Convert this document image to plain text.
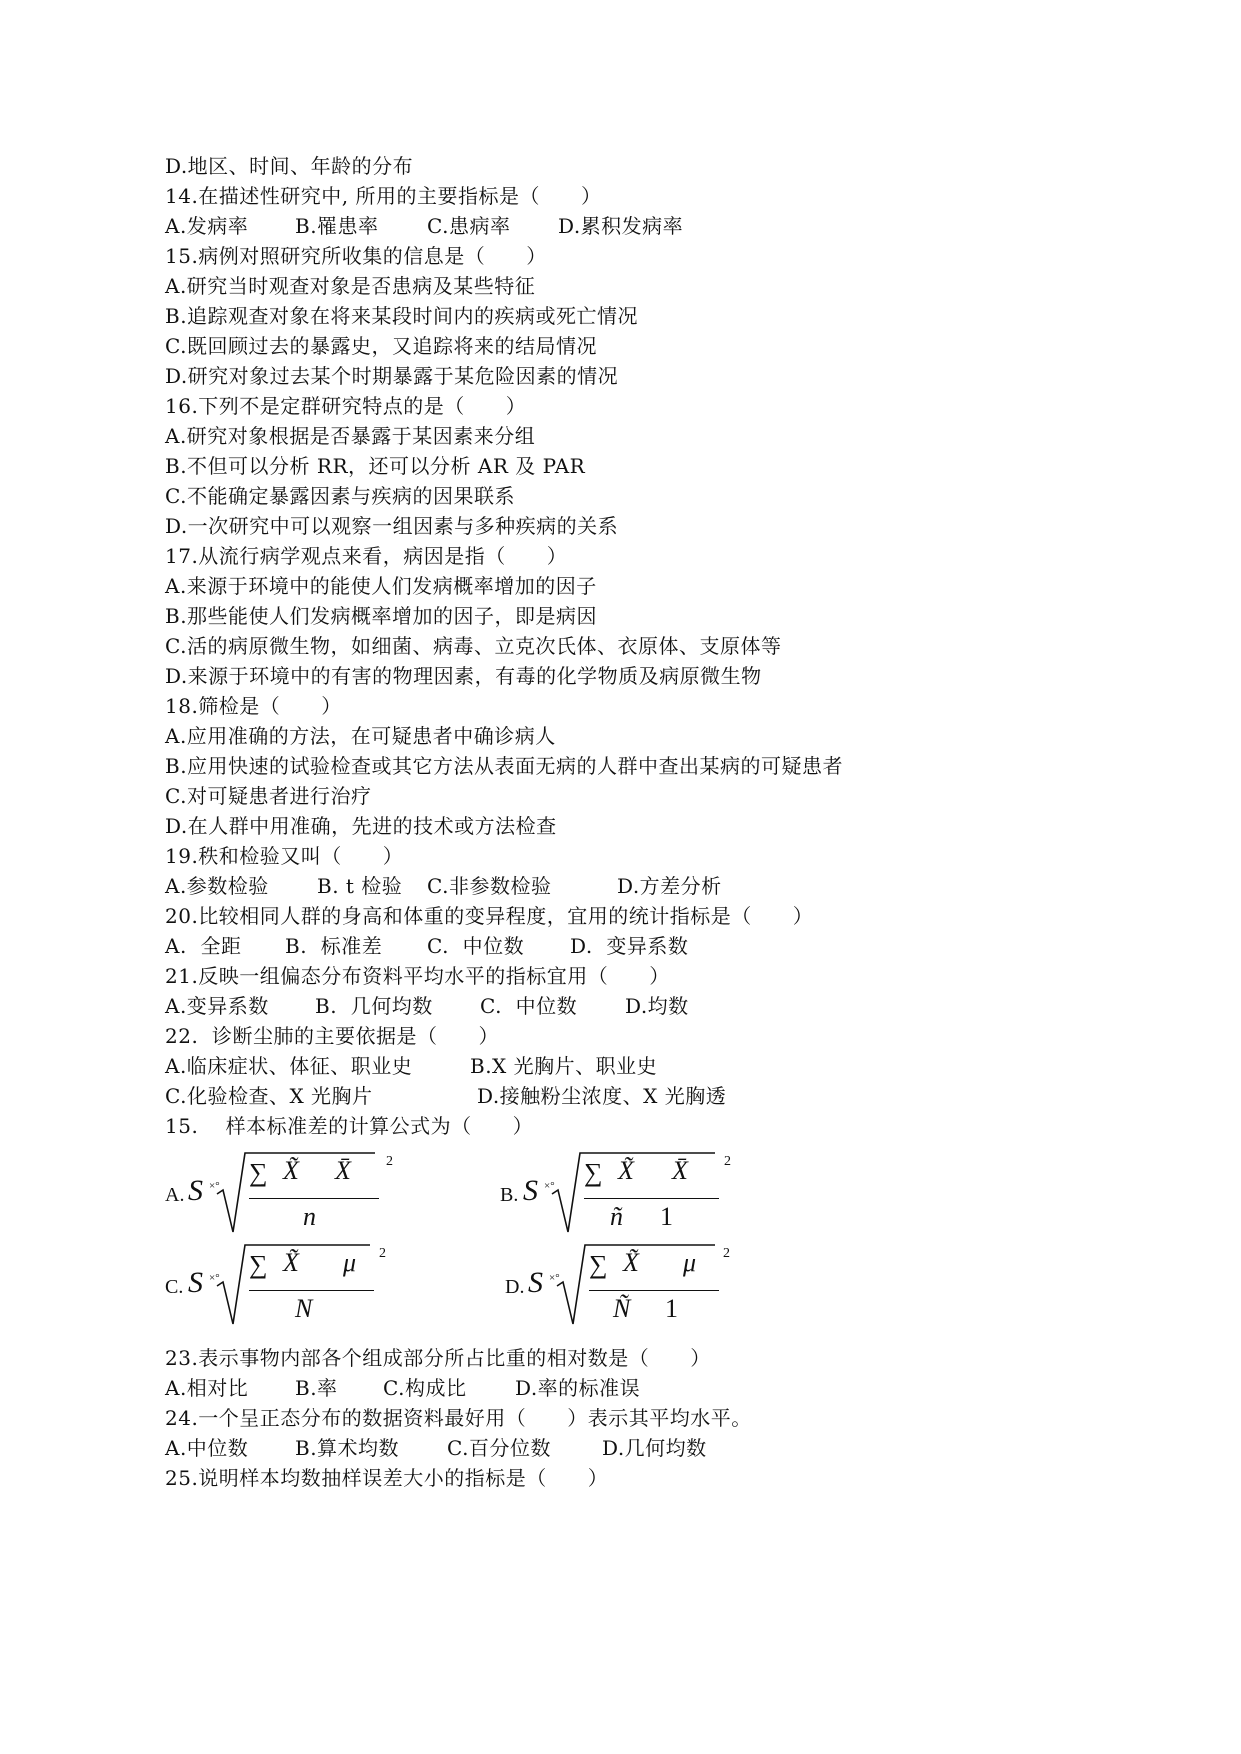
D.地区、时间、年龄的分布
14.在描述性研究中, 所用的主要指标是（　　）

A.发病率

B.罹患率

C.患病率

D.累积发病率

15.病例对照研究所收集的信息是（　　）
A.研究当时观查对象是否患病及某些特征
B.追踪观查对象在将来某段时间内的疾病或死亡情况
C.既回顾过去的暴露史，又追踪将来的结局情况
D.研究对象过去某个时期暴露于某危险因素的情况
16.下列不是定群研究特点的是（　　）
A.研究对象根据是否暴露于某因素来分组
B.不但可以分析 RR，还可以分析 AR 及 PAR
C.不能确定暴露因素与疾病的因果联系
D.一次研究中可以观察一组因素与多种疾病的关系
17.从流行病学观点来看，病因是指（　　）
A.来源于环境中的能使人们发病概率增加的因子
B.那些能使人们发病概率增加的因子，即是病因
C.活的病原微生物，如细菌、病毒、立克次氏体、衣原体、支原体等
D.来源于环境中的有害的物理因素，有毒的化学物质及病原微生物
18.筛检是（　　）
A.应用准确的方法，在可疑患者中确诊病人
B.应用快速的试验检查或其它方法从表面无病的人群中查出某病的可疑患者
C.对可疑患者进行治疗
D.在人群中用准确，先进的技术或方法检查
19.秩和检验又叫（　　）

A.参数检验

B. t 检验

C.非参数检验

	D.方差分析

20.比较相同人群的身高和体重的变异程度，宜用的统计指标是（　　）

A.  全距

B.  标准差

C.  中位数

D.  变异系数

21.反映一组偏态分布资料平均水平的指标宜用（　　）

A.变异系数

B.  几何均数

C.  中位数

D.均数

22.  诊断尘肺的主要依据是（　　）

A.临床症状、体征、职业史

	B.X 光胸片、职业史

C.化验检查、X 光胸片

	D.接触粉尘浓度、X 光胸透

15.　 样本标准差的计算公式为（　　）
A. S ×° ∑ X̃ X̄	2
n
B. S ×° ∑ X̃ X̄	2
ñ 1
C. S ×° ∑ X̃ μ 2
N
D. S ×° ∑ X̃ μ 2
Ñ 1
23.表示事物内部各个组成部分所占比重的相对数是（　　）

A.相对比

B.率

C.构成比

D.率的标准误

24.一个呈正态分布的数据资料最好用（　　）表示其平均水平。

A.中位数

B.算术均数

C.百分位数

	D.几何均数

25.说明样本均数抽样误差大小的指标是（　　）
